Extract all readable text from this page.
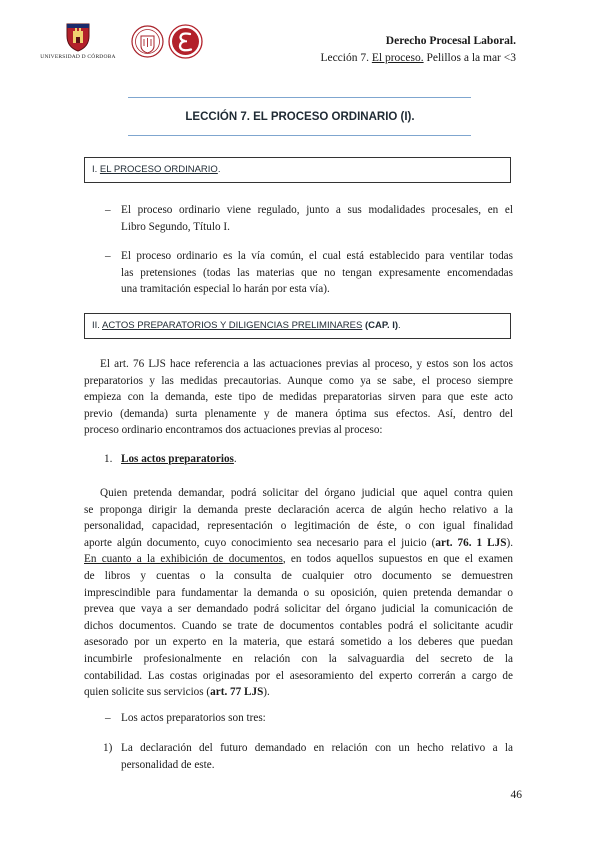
UNIVERSIDAD D CÓRDOBA
Derecho Procesal Laboral.
Lección 7. El proceso. Pelillos a la mar <3
LECCIÓN 7. EL PROCESO ORDINARIO (I).
I. EL PROCESO ORDINARIO.
– El proceso ordinario viene regulado, junto a sus modalidades procesales, en el
Libro Segundo, Título I.
– El proceso ordinario es la vía común, el cual está establecido para ventilar todas
las pretensiones (todas las materias que no tengan expresamente encomendadas
una tramitación especial lo harán por esta vía).
II. ACTOS PREPARATORIOS Y DILIGENCIAS PRELIMINARES (CAP. I).
El art. 76 LJS hace referencia a las actuaciones previas al proceso, y estos son los actos
preparatorios y las medidas precautorias. Aunque como ya se sabe, el proceso siempre
empieza con la demanda, este tipo de medidas preparatorias sirven para que este acto
previo (demanda) surta plenamente y de manera óptima sus efectos. Así, dentro del
proceso ordinario encontramos dos actuaciones previas al proceso:
1. Los actos preparatorios.
Quien pretenda demandar, podrá solicitar del órgano judicial que aquel contra quien
se proponga dirigir la demanda preste declaración acerca de algún hecho relativo a la
personalidad, capacidad, representación o legitimación de éste, o con igual finalidad
aporte algún documento, cuyo conocimiento sea necesario para el juicio (art. 76. 1 LJS).
En cuanto a la exhibición de documentos, en todos aquellos supuestos en que el examen
de libros y cuentas o la consulta de cualquier otro documento se demuestren
imprescindible para fundamentar la demanda o su oposición, quien pretenda demandar o
prevea que vaya a ser demandado podrá solicitar del órgano judicial la comunicación de
dichos documentos. Cuando se trate de documentos contables podrá el solicitante acudir
asesorado por un experto en la materia, que estará sometido a los deberes que puedan
incumbirle profesionalmente en relación con la salvaguardia del secreto de la
contabilidad. Las costas originadas por el asesoramiento del experto correrán a cargo de
quien solicite sus servicios (art. 77 LJS).
– Los actos preparatorios son tres:
1) La declaración del futuro demandado en relación con un hecho relativo a la
personalidad de este.
46
